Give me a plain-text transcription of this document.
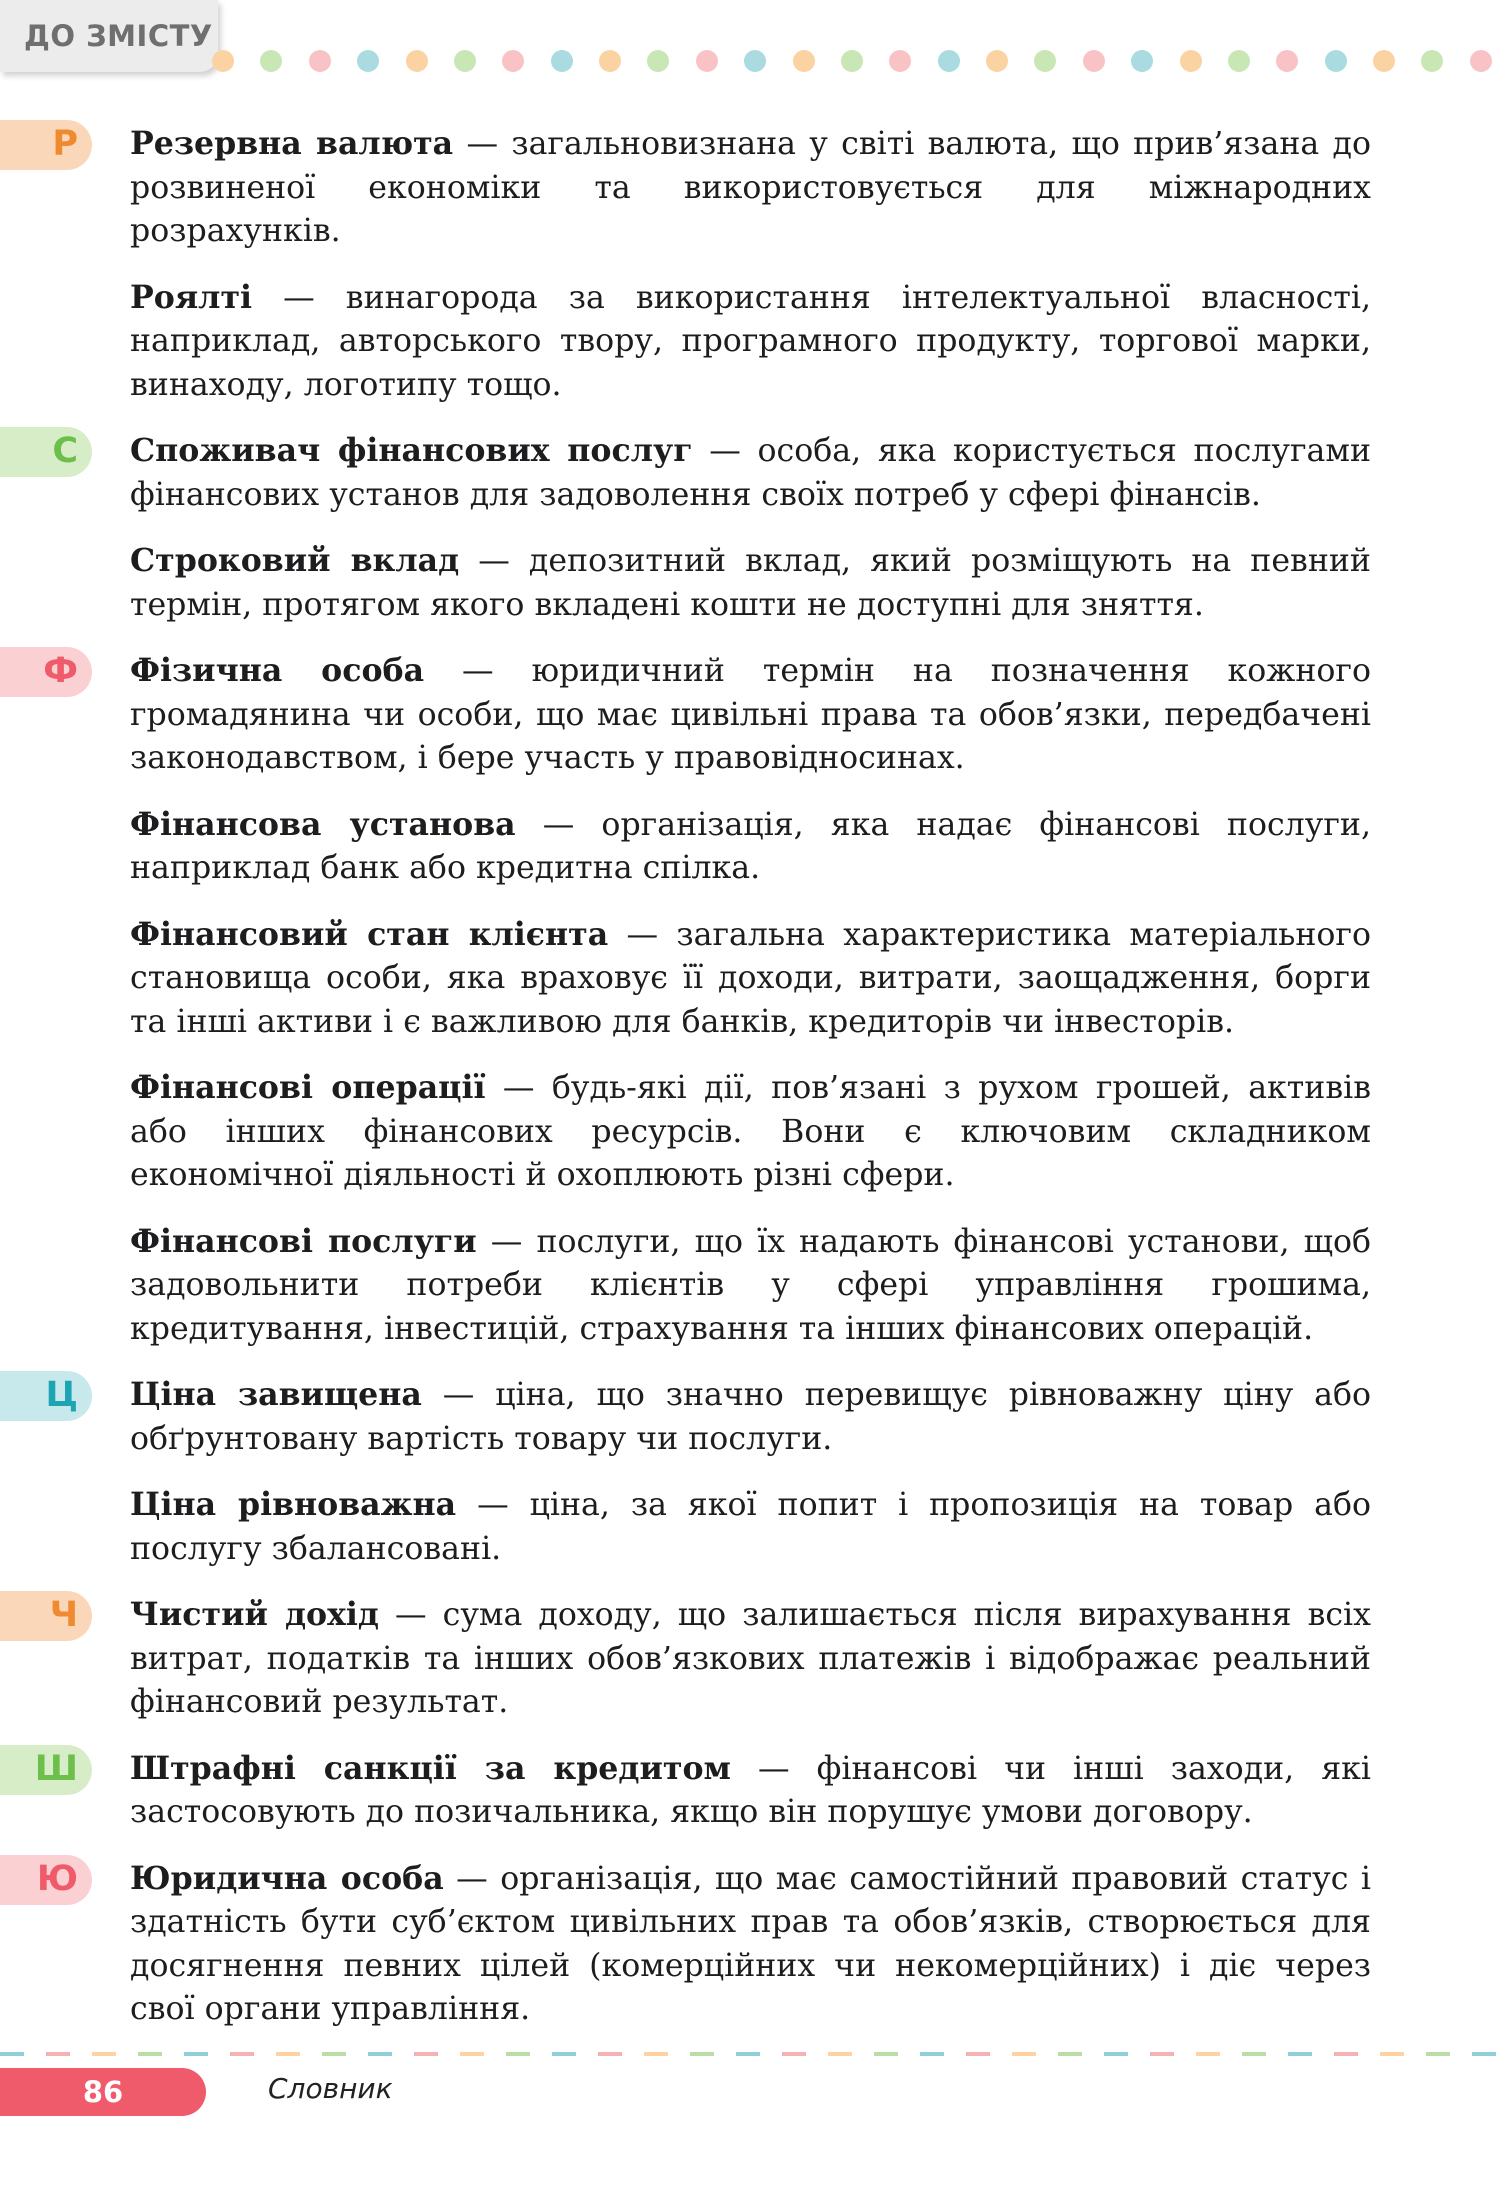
ДО ЗМІСТУ

Р	Резервна валюта — загальновизнана у світі валюта, що прив’язана до розвиненої економіки та використовується для міжнародних розрахунків.

Роялті — винагорода за використання інтелектуальної власності, наприклад, авторського твору, програмного продукту, торгової марки, винаходу, логотипу тощо.

С	Споживач фінансових послуг — особа, яка користується послугами фінансових установ для задоволення своїх потреб у сфері фінансів.

Строковий вклад — депозитний вклад, який розміщують на певний термін, протягом якого вкладені кошти не доступні для зняття.

Ф	Фізична особа — юридичний термін на позначення кожного громадянина чи особи, що має цивільні права та обов’язки, передбачені законодавством, і бере участь у правовідносинах.

Фінансова установа — організація, яка надає фінансові послуги, наприклад банк або кредитна спілка.

Фінансовий стан клієнта — загальна характеристика матеріального становища особи, яка враховує її доходи, витрати, заощадження, борги та інші активи і є важливою для банків, кредиторів чи інвесторів.

Фінансові операції — будь-які дії, пов’язані з рухом грошей, активів або інших фінансових ресурсів. Вони є ключовим складником економічної діяльності й охоплюють різні сфери.

Фінансові послуги — послуги, що їх надають фінансові установи, щоб задовольнити потреби клієнтів у сфері управління грошима, кредитування, інвестицій, страхування та інших фінансових операцій.

Ц	Ціна завищена — ціна, що значно перевищує рівноважну ціну або обґрунтовану вартість товару чи послуги.

Ціна рівноважна — ціна, за якої попит і пропозиція на товар або послугу збалансовані.

Ч	Чистий дохід — сума доходу, що залишається після вирахування всіх витрат, податків та інших обов’язкових платежів і відображає реальний фінансовий результат.

Ш	Штрафні санкції за кредитом — фінансові чи інші заходи, які застосовують до позичальника, якщо він порушує умови договору.

Ю	Юридична особа — організація, що має самостійний правовий статус і здатність бути суб’єктом цивільних прав та обов’язків, створюється для досягнення певних цілей (комерційних чи некомерційних) і діє через свої органи управління.

86	Словник
